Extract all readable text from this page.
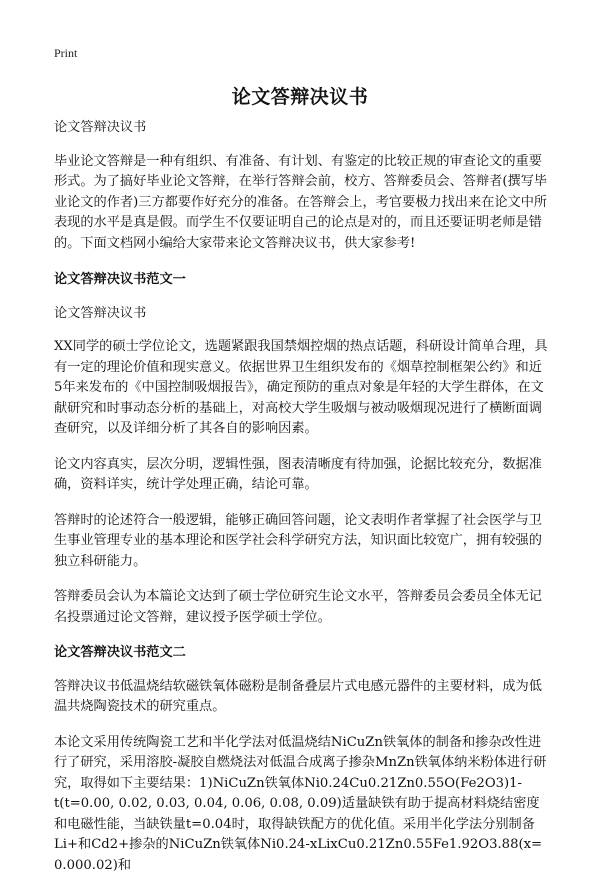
Print
论文答辩决议书

论文答辩决议书

毕业论文答辩是一种有组织、有准备、有计划、有鉴定的比较正规的审查论文的重要形式。为了搞好毕业论文答辩，在举行答辩会前，校方、答辩委员会、答辩者(撰写毕业论文的作者)三方都要作好充分的准备。在答辩会上，考官要极力找出来在论文中所表现的水平是真是假。而学生不仅要证明自己的论点是对的，而且还要证明老师是错的。下面文档网小编给大家带来论文答辩决议书，供大家参考!

论文答辩决议书范文一

论文答辩决议书

XX同学的硕士学位论文，选题紧跟我国禁烟控烟的热点话题，科研设计简单合理，具有一定的理论价值和现实意义。依据世界卫生组织发布的《烟草控制框架公约》和近5年来发布的《中国控制吸烟报告》，确定预防的重点对象是年轻的大学生群体，在文献研究和时事动态分析的基础上，对高校大学生吸烟与被动吸烟现况进行了横断面调查研究，以及详细分析了其各自的影响因素。

论文内容真实，层次分明，逻辑性强，图表清晰度有待加强，论据比较充分，数据准确，资料详实，统计学处理正确，结论可靠。

答辩时的论述符合一般逻辑，能够正确回答问题，论文表明作者掌握了社会医学与卫生事业管理专业的基本理论和医学社会科学研究方法，知识面比较宽广，拥有较强的独立科研能力。

答辩委员会认为本篇论文达到了硕士学位研究生论文水平，答辩委员会委员全体无记名投票通过论文答辩，建议授予医学硕士学位。

论文答辩决议书范文二

答辩决议书低温烧结软磁铁氧体磁粉是制备叠层片式电感元器件的主要材料，成为低温共烧陶瓷技术的研究重点。

本论文采用传统陶瓷工艺和半化学法对低温烧结NiCuZn铁氧体的制备和掺杂改性进行了研究，采用溶胶-凝胶自燃烧法对低温合成离子掺杂MnZn铁氧体纳米粉体进行研究，取得如下主要结果：1)NiCuZn铁氧体Ni0.24Cu0.21Zn0.55O(Fe2O3)1-t(t=0.00, 0.02, 0.03, 0.04, 0.06, 0.08, 0.09)适量缺铁有助于提高材料烧结密度和电磁性能，当缺铁量t=0.04时，取得缺铁配方的优化值。采用半化学法分别制备Li+和Cd2+掺杂的NiCuZn铁氧体Ni0.24-xLixCu0.21Zn0.55Fe1.92O3.88(x= 0.000.02)和
